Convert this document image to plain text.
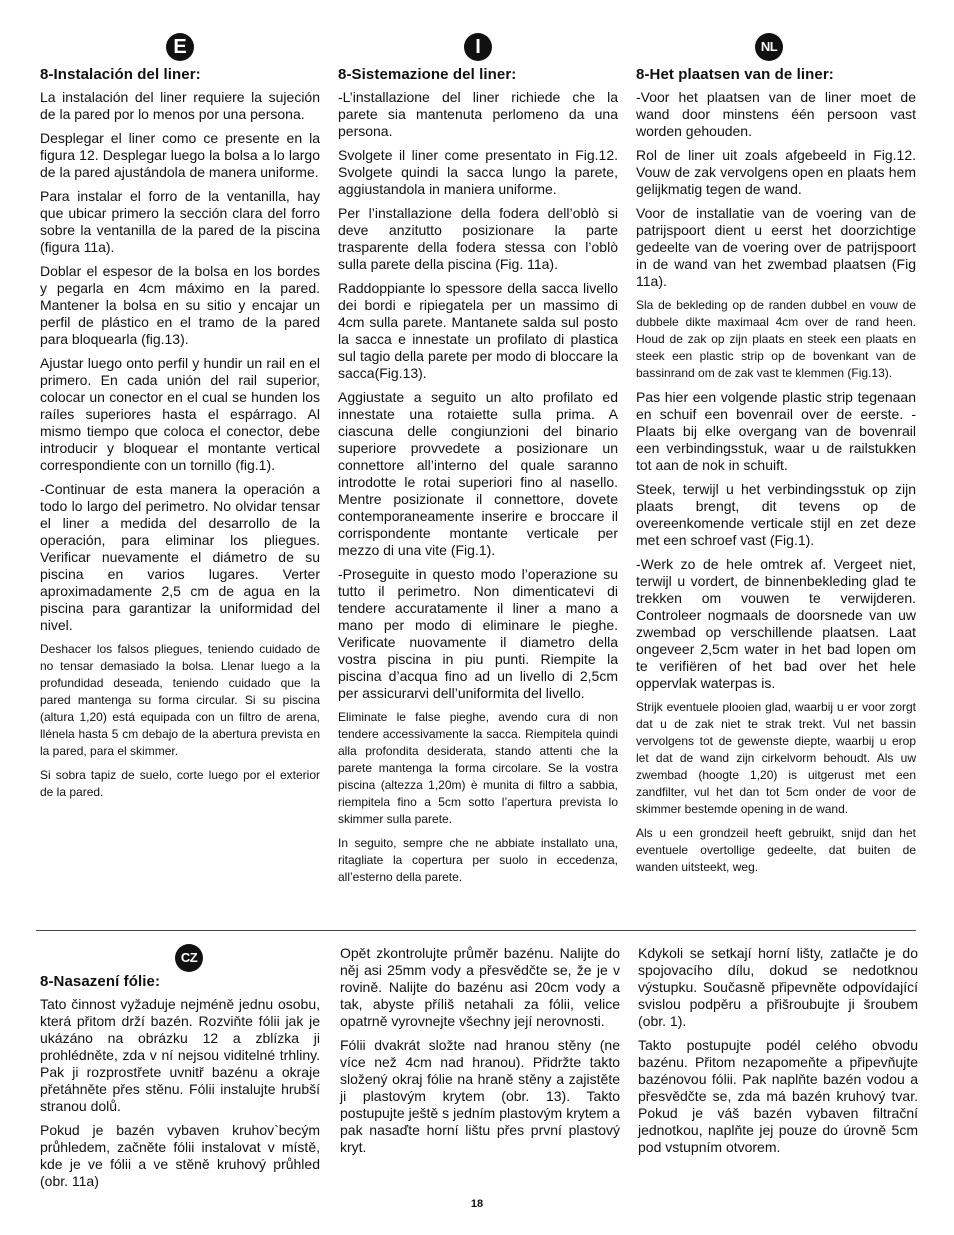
E	I	NL
CZ
8-Instalación del liner:

La instalación del liner requiere la sujeción de la pared por lo menos por una persona.

Desplegar el liner como ce presente en la figura 12. Desplegar luego la bolsa a lo largo de la pared ajustándola de manera uniforme.

Para instalar el forro de la ventanilla, hay que ubicar primero la sección clara del forro sobre la ventanilla de la pared de la piscina (figura 11a).

Doblar el espesor de la bolsa en los bordes y pegarla en 4cm máximo en la pared. Mantener la bolsa en su sitio y encajar un perfil de plástico en el tramo de la pared para bloquearla (fig.13).

Ajustar luego onto perfil y hundir un rail en el primero. En cada unión del rail superior, colocar un conector en el cual se hunden los raíles superiores hasta el espárrago. Al mismo tiempo que coloca el conector, debe introducir y bloquear el montante vertical correspondiente con un tornillo (fig.1).

-Continuar de esta manera la operación a todo lo largo del perimetro. No olvidar tensar el liner a medida del desarrollo de la operación, para eliminar los pliegues. Verificar nuevamente el diámetro de su piscina en varios lugares. Verter aproximadamente 2,5 cm de agua en la piscina para garantizar la uniformidad del nivel.

Deshacer los falsos pliegues, teniendo cuidado de no tensar demasiado la bolsa. Llenar luego a la profundidad deseada, teniendo cuidado que la pared mantenga su forma circular. Si su piscina (altura 1,20) está equipada con un filtro de arena, llénela hasta 5 cm debajo de la abertura prevista en la pared, para el skimmer.

Si sobra tapiz de suelo, corte luego por el exterior de la pared.

8-Sistemazione del liner:

-L’installazione del liner richiede che la parete sia mantenuta perlomeno da una persona.

Svolgete il liner come presentato in Fig.12. Svolgete quindi la sacca lungo la parete, aggiustandola in maniera uniforme.

Per l’installazione della fodera dell’oblò si deve anzitutto posizionare la parte trasparente della fodera stessa con l’oblò sulla parete della piscina (Fig. 11a).

Raddoppiante lo spessore della sacca livello dei bordi e ripiegatela per un massimo di 4cm sulla parete. Mantanete salda sul posto la sacca e innestate un profilato di plastica sul tagio della parete per modo di bloccare la sacca(Fig.13).

Aggiustate a seguito un alto profilato ed innestate una rotaiette sulla prima. A ciascuna delle congiunzioni del binario superiore provvedete a posizionare un connettore all’interno del quale saranno introdotte le rotai superiori fino al nasello. Mentre posizionate il connettore, dovete contemporaneamente inserire e broccare il corrispondente montante verticale per mezzo di una vite (Fig.1).

-Proseguite in questo modo l’operazione su tutto il perimetro. Non dimenticatevi di tendere accuratamente il liner a mano a mano per modo di eliminare le pieghe. Verificate nuovamente il diametro della vostra piscina in piu punti. Riempite la piscina d’acqua fino ad un livello di 2,5cm per assicurarvi dell’uniformita del livello.

Eliminate le false pieghe, avendo cura di non tendere accessivamente la sacca. Riempitela quindi alla profondita desiderata, stando attenti che la parete mantenga la forma circolare. Se la vostra piscina (altezza 1,20m) è munita di filtro a sabbia, riempitela fino a 5cm sotto l’apertura prevista lo skimmer sulla parete.

In seguito, sempre che ne abbiate installato una, ritagliate la copertura per suolo in eccedenza, all’esterno della parete.

8-Het plaatsen van de liner:

-Voor het plaatsen van de liner moet de wand door minstens één persoon vast worden gehouden.

Rol de liner uit zoals afgebeeld in Fig.12. Vouw de zak vervolgens open en plaats hem gelijkmatig tegen de wand.

Voor de installatie van de voering van de patrijspoort dient u eerst het doorzichtige gedeelte van de voering over de patrijspoort in de wand van het zwembad plaatsen (Fig 11a).

Sla de bekleding op de randen dubbel en vouw de dubbele dikte maximaal 4cm over de rand heen. Houd de zak op zijn plaats en steek een plaats en steek een plastic strip op de bovenkant van de bassinrand om de zak vast te klemmen (Fig.13).

Pas hier een volgende plastic strip tegenaan en schuif een bovenrail over de eerste. -Plaats bij elke overgang van de bovenrail een verbindingsstuk, waar u de railstukken tot aan de nok in schuift.

Steek, terwijl u het verbindingsstuk op zijn plaats brengt, dit tevens op de overeenkomende verticale stijl en zet deze met een schroef vast (Fig.1).

-Werk zo de hele omtrek af. Vergeet niet, terwijl u vordert, de binnenbekleding glad te trekken om vouwen te verwijderen. Controleer nogmaals de doorsnede van uw zwembad op verschillende plaatsen. Laat ongeveer 2,5cm water in het bad lopen om te verifiëren of het bad over het hele oppervlak waterpas is.

Strijk eventuele plooien glad, waarbij u er voor zorgt dat u de zak niet te strak trekt. Vul net bassin vervolgens tot de gewenste diepte, waarbij u erop let dat de wand zijn cirkelvorm behoudt. Als uw zwembad (hoogte 1,20) is uitgerust met een zandfilter, vul het dan tot 5cm onder de voor de skimmer bestemde opening in de wand.

Als u een grondzeil heeft gebruikt, snijd dan het eventuele overtollige gedeelte, dat buiten de wanden uitsteekt, weg.

8-Nasazení fólie:

Tato činnost vyžaduje nejméně jednu osobu, která přitom drží bazén. Rozviňte fólii jak je ukázáno na obrázku 12 a zblízka ji prohlédněte, zda v ní nejsou viditelné trhliny. Pak ji rozprostřete uvnitř bazénu a okraje přetáhněte přes stěnu. Fólii instalujte hrubší stranou dolů.

Pokud je bazén vybaven kruhov`becým průhledem, začněte fólii instalovat v místě, kde je ve fólii a ve stěně kruhový průhled (obr. 11a)

Opět zkontrolujte průměr bazénu. Nalijte do něj asi 25mm vody a přesvědčte se, že je v rovině. Nalijte do bazénu asi 20cm vody a tak, abyste příliš netahali za fólii, velice opatrně vyrovnejte všechny její nerovnosti.

Fólii dvakrát složte nad hranou stěny (ne více než 4cm nad hranou). Přidržte takto složený okraj fólie na hraně stěny a zajistěte ji plastovým krytem (obr. 13). Takto postupujte ještě s jedním plastovým krytem a pak nasaďte horní lištu přes první plastový kryt.

Kdykoli se setkají horní lišty, zatlačte je do spojovacího dílu, dokud se nedotknou výstupku. Současně připevněte odpovídající svislou podpěru a přišroubujte ji šroubem (obr. 1).

Takto postupujte podél celého obvodu bazénu. Přitom nezapomeňte a připevňujte bazénovou fólii. Pak naplňte bazén vodou a přesvědčte se, zda má bazén kruhový tvar. Pokud je váš bazén vybaven filtrační jednotkou, naplňte jej pouze do úrovně 5cm pod vstupním otvorem.

18
